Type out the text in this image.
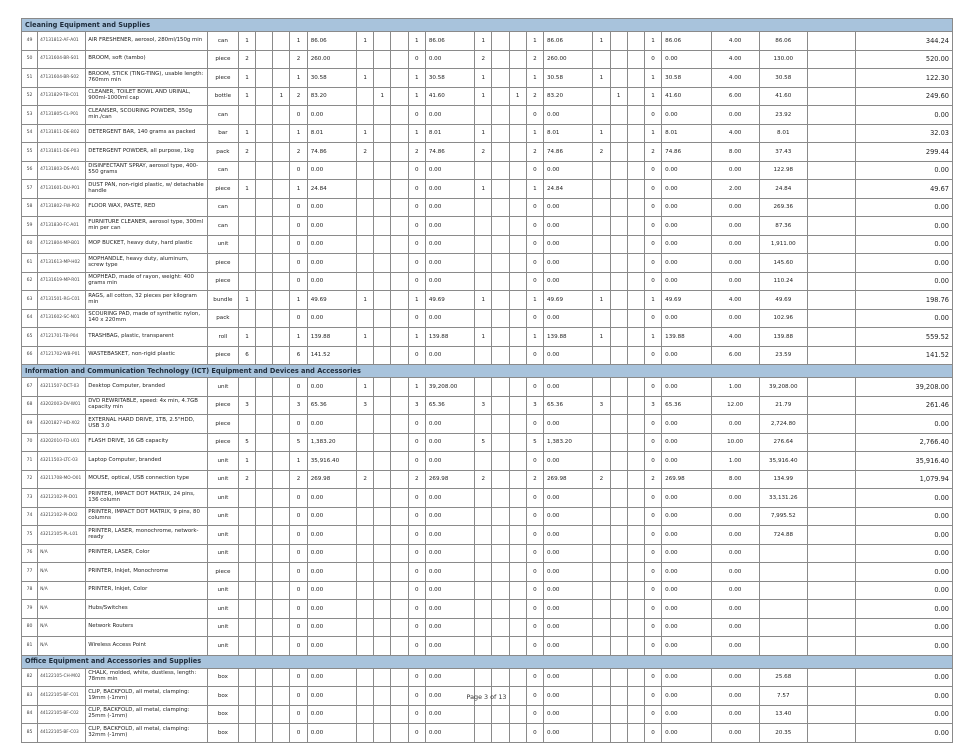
Cleaning Equipment and Supplies																											
49	47131812-AF-A01	AIR FRESHENER, aerosol, 280ml/150g min	can	1			1	86.06	1			1	86.06	1			1	86.06	1			1	86.06	4.00	86.06		344.24
50	47131604-BR-S01	BROOM, soft (tambo)	piece	2			2	260.00				0	0.00	2			2	260.00				0	0.00	4.00	130.00		520.00
51	47131604-BR-S02	BROOM, STICK (TING-TING), usable length: 760mm min	piece	1			1	30.58	1			1	30.58	1			1	30.58	1			1	30.58	4.00	30.58		122.30
52	47131829-TB-C01	CLEANER, TOILET BOWL AND URINAL, 900ml-1000ml cap	bottle	1		1	2	83.20		1		1	41.60	1		1	2	83.20		1		1	41.60	6.00	41.60		249.60
53	47131805-CL-P01	CLEANSER, SCOURING POWDER, 350g min./can	can				0	0.00				0	0.00				0	0.00				0	0.00	0.00	23.92		0.00
54	47131811-DE-B02	DETERGENT BAR, 140 grams as packed	bar	1			1	8.01	1			1	8.01	1			1	8.01	1			1	8.01	4.00	8.01		32.03
55	47131811-DE-P03	DETERGENT POWDER, all purpose, 1kg	pack	2			2	74.86	2			2	74.86	2			2	74.86	2			2	74.86	8.00	37.43		299.44
56	47131803-DS-A01	DISINFECTANT SPRAY, aerosol type, 400-550 grams	can				0	0.00				0	0.00				0	0.00				0	0.00	0.00	122.98		0.00
57	47131601-DU-P01	DUST PAN, non-rigid plastic, w/ detachable handle	piece	1			1	24.84				0	0.00	1			1	24.84				0	0.00	2.00	24.84		49.67
58	47131802-FW-P02	FLOOR WAX, PASTE, RED	can				0	0.00				0	0.00				0	0.00				0	0.00	0.00	269.36		0.00
59	47131830-FC-A01	FURNITURE CLEANER, aerosol type, 300ml min per can	can				0	0.00				0	0.00				0	0.00				0	0.00	0.00	87.36		0.00
60	47121804-MP-B01	MOP BUCKET, heavy duty, hard plastic	unit				0	0.00				0	0.00				0	0.00				0	0.00	0.00	1,911.00		0.00
61	47131613-MP-H02	MOPHANDLE, heavy duty, aluminum, screw type	piece				0	0.00				0	0.00				0	0.00				0	0.00	0.00	145.60		0.00
62	47131619-MP-R01	MOPHEAD, made of rayon, weight: 400 grams min	piece				0	0.00				0	0.00				0	0.00				0	0.00	0.00	110.24		0.00
63	47131501-RG-C01	RAGS, all cotton, 32 pieces per kilogram min	bundle	1			1	49.69	1			1	49.69	1			1	49.69	1			1	49.69	4.00	49.69		198.76
64	47131602-SC-N01	SCOURING PAD, made of synthetic nylon, 140 x 220mm	pack				0	0.00				0	0.00				0	0.00				0	0.00	0.00	102.96		0.00
65	47121701-TB-P04	TRASHBAG, plastic, transparent	roll	1			1	139.88	1			1	139.88	1			1	139.88	1			1	139.88	4.00	139.88		559.52
66	47121702-WB-P01	WASTEBASKET, non-rigid plastic	piece	6			6	141.52				0	0.00				0	0.00				0	0.00	6.00	23.59		141.52
Information and Communication Technology (ICT) Equipment and Devices and Accessories																											
67	43211507-DCT-03	Desktop Computer, branded	unit				0	0.00	1			1	39,208.00				0	0.00				0	0.00	1.00	39,208.00		39,208.00
68	43202003-DV-W01	DVD REWRITABLE, speed: 4x min, 4.7GB capacity min	piece	3			3	65.36	3			3	65.36	3			3	65.36	3			3	65.36	12.00	21.79		261.46
69	43201827-HD-X02	EXTERNAL HARD DRIVE, 1TB, 2.5"HDD, USB 3.0	piece				0	0.00				0	0.00				0	0.00				0	0.00	0.00	2,724.80		0.00
70	43202010-FD-U01	FLASH DRIVE, 16 GB capacity	piece	5			5	1,383.20				0	0.00	5			5	1,383.20				0	0.00	10.00	276.64		2,766.40
71	43211503-LTC-03	Laptop Computer, branded	unit	1			1	35,916.40				0	0.00				0	0.00				0	0.00	1.00	35,916.40		35,916.40
72	43211708-MO-O01	MOUSE, optical, USB connection type	unit	2			2	269.98	2			2	269.98	2			2	269.98	2			2	269.98	8.00	134.99		1,079.94
73	43212102-PI-D01	PRINTER, IMPACT DOT MATRIX, 24 pins, 136 column	unit				0	0.00				0	0.00				0	0.00				0	0.00	0.00	33,131.26		0.00
74	43212102-PI-D02	PRINTER, IMPACT DOT MATRIX, 9 pins, 80 columns	unit				0	0.00				0	0.00				0	0.00				0	0.00	0.00	7,995.52		0.00
75	43212105-PL-L01	PRINTER, LASER, monochrome, network-ready	unit				0	0.00				0	0.00				0	0.00				0	0.00	0.00	724.88		0.00
76	N/A	PRINTER, LASER, Color	unit				0	0.00				0	0.00				0	0.00				0	0.00	0.00			0.00
77	N/A	PRINTER, Inkjet, Monochrome	piece				0	0.00				0	0.00				0	0.00				0	0.00	0.00			0.00
78	N/A	PRINTER, Inkjet, Color	unit				0	0.00				0	0.00				0	0.00				0	0.00	0.00			0.00
79	N/A	Hubs/Switches	unit				0	0.00				0	0.00				0	0.00				0	0.00	0.00			0.00
80	N/A	Network Routers	unit				0	0.00				0	0.00				0	0.00				0	0.00	0.00			0.00
81	N/A	Wireless Access Point	unit				0	0.00				0	0.00				0	0.00				0	0.00	0.00			0.00
Office Equipment and Accessories and Supplies																											
82	44122105-CH-M02	CHALK, molded, white, dustless, length: 78mm min	box				0	0.00				0	0.00				0	0.00				0	0.00	0.00	25.68		0.00
83	44122105-BF-C01	CLIP, BACKFOLD, all metal, clamping: 19mm (-1mm)	box				0	0.00				0	0.00				0	0.00				0	0.00	0.00	7.57		0.00
84	44122105-BF-C02	CLIP, BACKFOLD, all metal, clamping: 25mm (-1mm)	box				0	0.00				0	0.00				0	0.00				0	0.00	0.00	13.40		0.00
85	44122105-BF-C03	CLIP, BACKFOLD, all metal, clamping: 32mm (-1mm)	box				0	0.00				0	0.00				0	0.00				0	0.00	0.00	20.35		0.00
Page 3 of 13
